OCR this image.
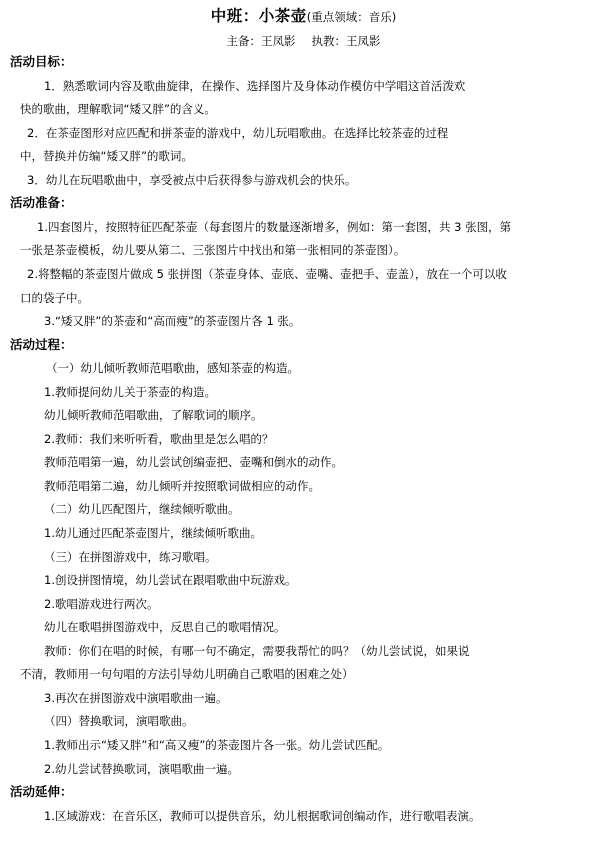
中班：小茶壶(重点领域：音乐)
主备：王凤影 执教：王凤影
活动目标：
1．熟悉歌词内容及歌曲旋律，在操作、选择图片及身体动作模仿中学唱这首活泼欢
快的歌曲，理解歌词“矮又胖”的含义。
2．在茶壶图形对应匹配和拼茶壶的游戏中，幼儿玩唱歌曲。在选择比较茶壶的过程
中，替换并仿编“矮又胖”的歌词。
3．幼儿在玩唱歌曲中，享受被点中后获得参与游戏机会的快乐。
活动准备：
1.四套图片，按照特征匹配茶壶（每套图片的数量逐渐增多，例如：第一套图，共 3 张图，第
一张是茶壶模板，幼儿要从第二、三张图片中找出和第一张相同的茶壶图）。
2.将整幅的茶壶图片做成 5 张拼图（茶壶身体、壶底、壶嘴、壶把手、壶盖），放在一个可以收
口的袋子中。
3.“矮又胖”的茶壶和“高而瘦”的茶壶图片各 1 张。
活动过程：
（一）幼儿倾听教师范唱歌曲，感知茶壶的构造。
1.教师提问幼儿关于茶壶的构造。
幼儿倾听教师范唱歌曲，了解歌词的顺序。
2.教师：我们来听听看，歌曲里是怎么唱的？
教师范唱第一遍，幼儿尝试创编壶把、壶嘴和倒水的动作。
教师范唱第二遍，幼儿倾听并按照歌词做相应的动作。
（二）幼儿匹配图片，继续倾听歌曲。
1.幼儿通过匹配茶壶图片，继续倾听歌曲。
（三）在拼图游戏中，练习歌唱。
1.创设拼图情境，幼儿尝试在跟唱歌曲中玩游戏。
2.歌唱游戏进行两次。
幼儿在歌唱拼图游戏中，反思自己的歌唱情况。
教师：你们在唱的时候，有哪一句不确定，需要我帮忙的吗？（幼儿尝试说，如果说
不清，教师用一句句唱的方法引导幼儿明确自己歌唱的困难之处）
3.再次在拼图游戏中演唱歌曲一遍。
（四）替换歌词，演唱歌曲。
1.教师出示“矮又胖”和“高又瘦”的茶壶图片各一张。幼儿尝试匹配。
2.幼儿尝试替换歌词，演唱歌曲一遍。
活动延伸：
1.区域游戏：在音乐区，教师可以提供音乐，幼儿根据歌词创编动作，进行歌唱表演。
